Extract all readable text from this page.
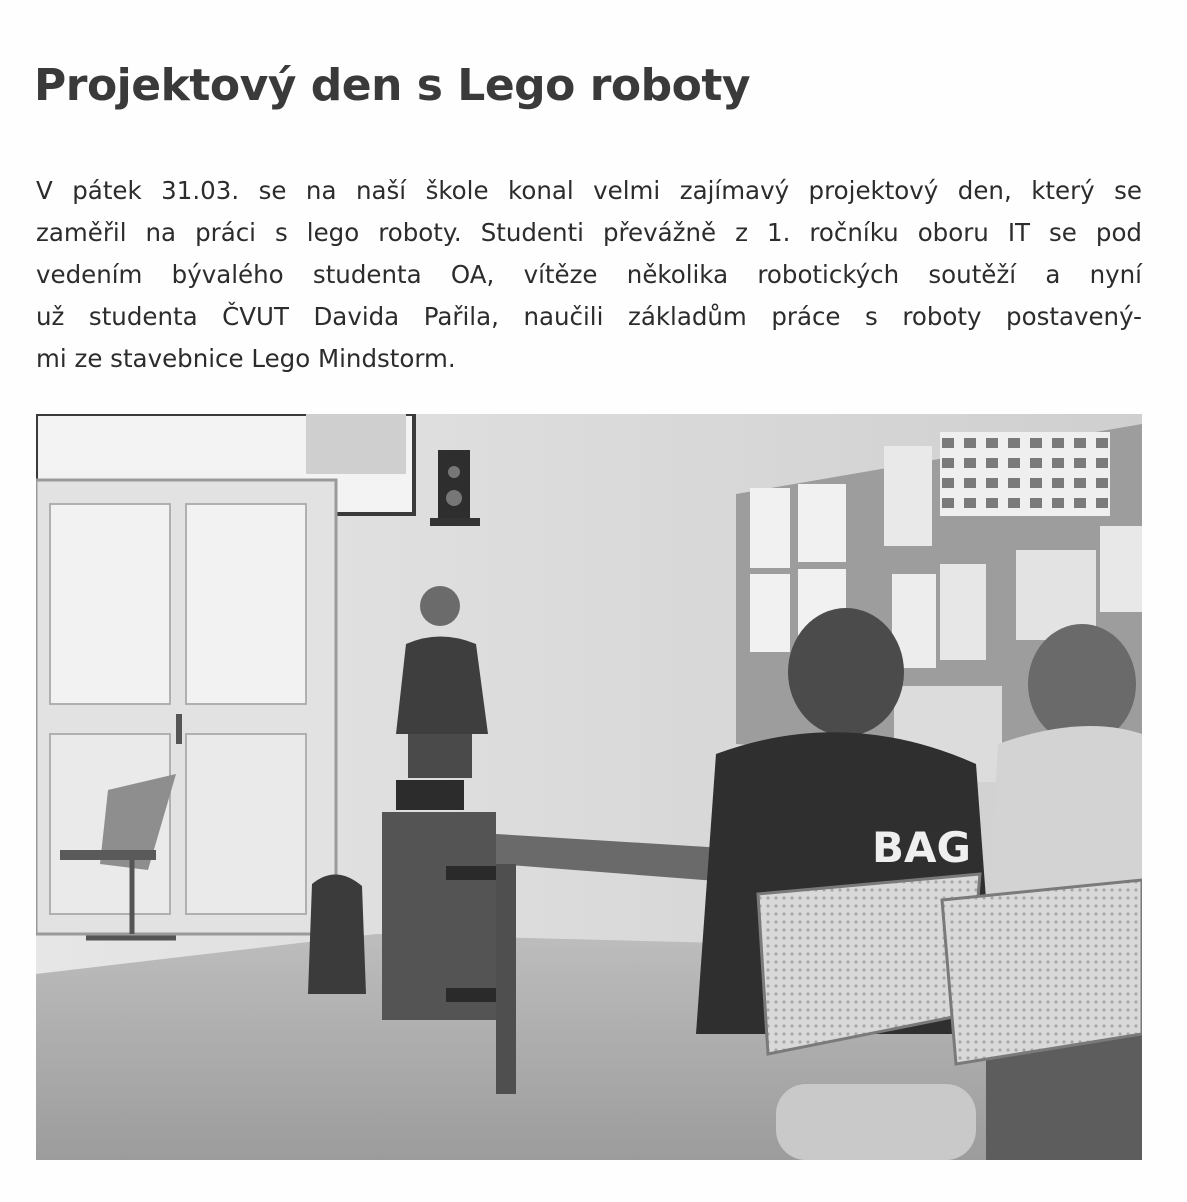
Projektový den s Lego roboty

V pátek 31.03. se na naší škole konal velmi zajímavý projektový den, který se
zaměřil na práci s lego roboty. Studenti převážně z 1. ročníku oboru IT se pod
vedením bývalého studenta OA, vítěze několika robotických soutěží a nyní
už studenta ČVUT Davida Pařila, naučili základům práce s roboty postavený-
mi ze stavebnice Lego Mindstorm.

BAG
